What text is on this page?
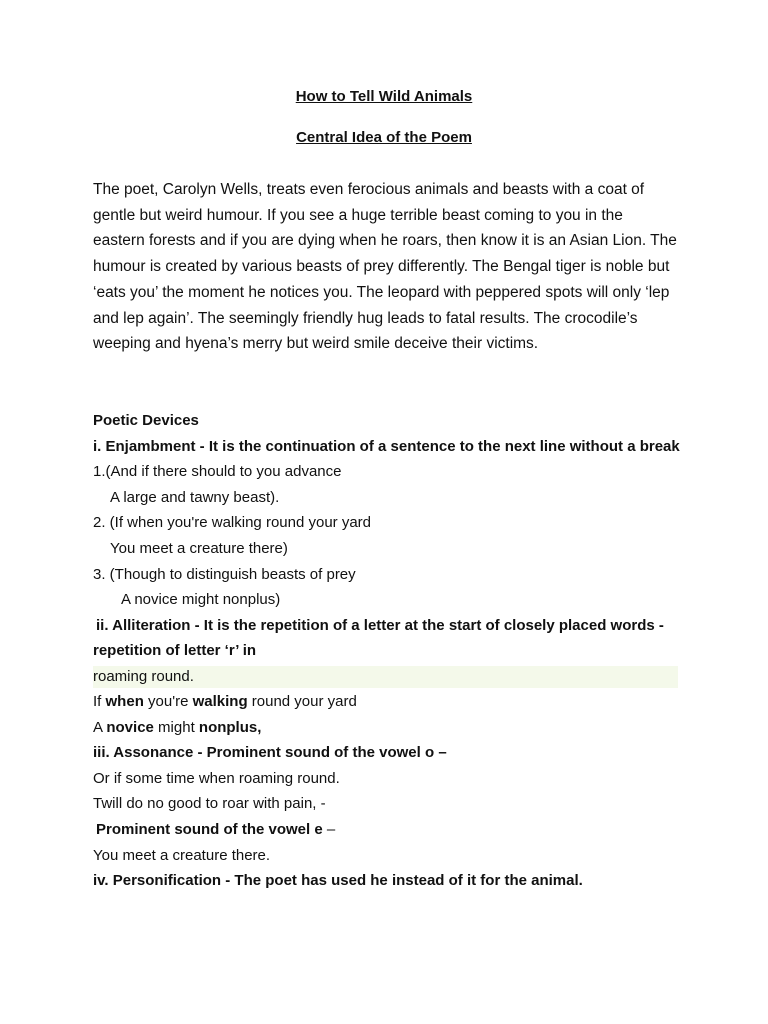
How to Tell Wild Animals
Central Idea of the Poem

The poet, Carolyn Wells, treats even ferocious animals and beasts with a coat of gentle but weird humour. If you see a huge terrible beast coming to you in the eastern forests and if you are dying when he roars, then know it is an Asian Lion. The humour is created by various beasts of prey differently. The Bengal tiger is noble but ‘eats you’ the moment he notices you. The leopard with peppered spots will only ‘lep and lep again’. The seemingly friendly hug leads to fatal results. The crocodile’s weeping and hyena’s merry but weird smile deceive their victims.

Poetic Devices
i. Enjambment - It is the continuation of a sentence to the next line without a break
1.(And if there should to you advance
A large and tawny beast).
2. (If when you're walking round your yard
You meet a creature there)
3. (Though to distinguish beasts of prey
A novice might nonplus)
ii. Alliteration - It is the repetition of a letter at the start of closely placed words -
repetition of letter ‘r’ in
roaming round.
If when you're walking round your yard
A novice might nonplus,
iii. Assonance - Prominent sound of the vowel o –
Or if some time when roaming round.
Twill do no good to roar with pain, -
Prominent sound of the vowel e –
You meet a creature there.
iv. Personification - The poet has used he instead of it for the animal.
